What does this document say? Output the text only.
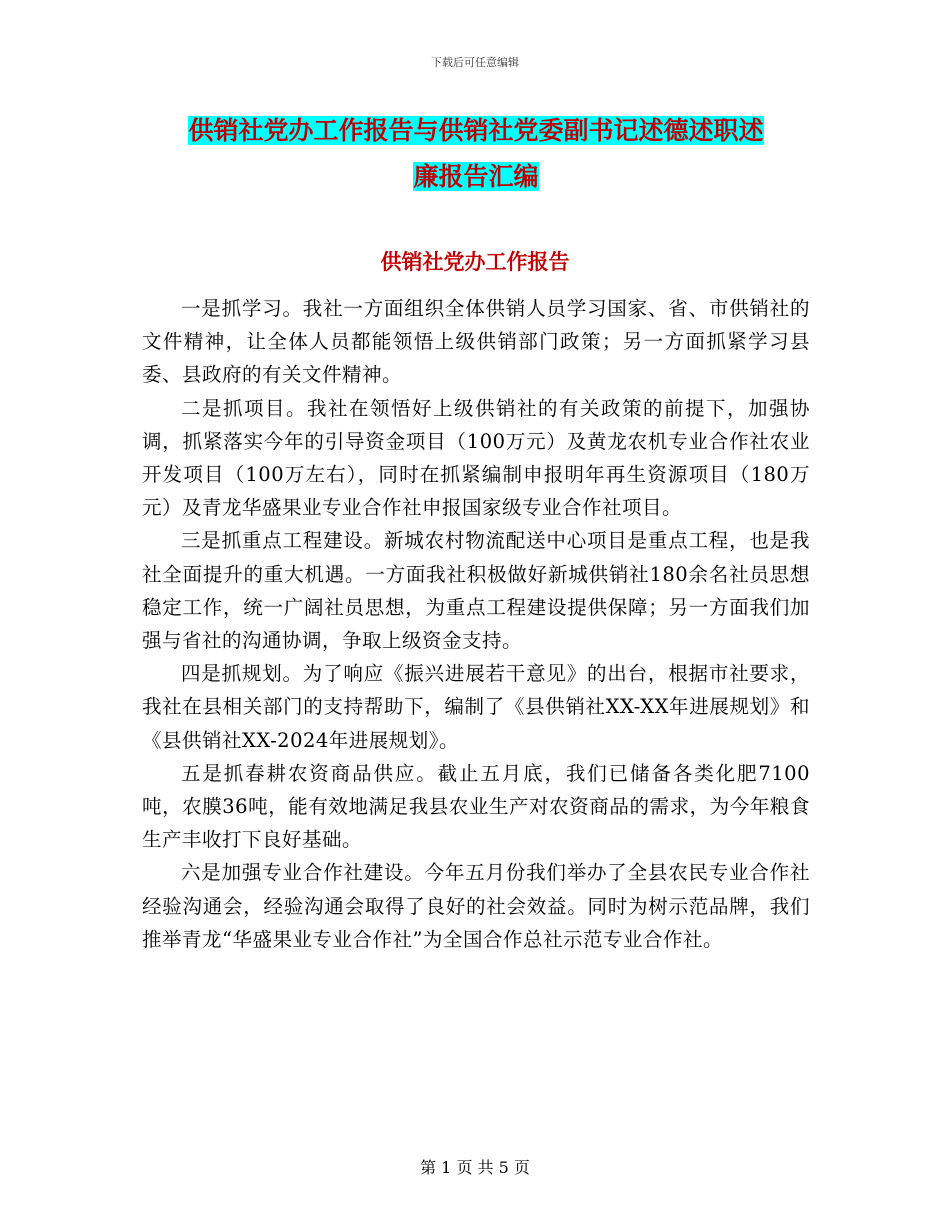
下载后可任意编辑
供销社党办工作报告与供销社党委副书记述德述职述
廉报告汇编
供销社党办工作报告

一是抓学习。我社一方面组织全体供销人员学习国家、省、市供销社的文件精神，让全体人员都能领悟上级供销部门政策；另一方面抓紧学习县委、县政府的有关文件精神。

二是抓项目。我社在领悟好上级供销社的有关政策的前提下，加强协调，抓紧落实今年的引导资金项目（100万元）及黄龙农机专业合作社农业开发项目（100万左右），同时在抓紧编制申报明年再生资源项目（180万元）及青龙华盛果业专业合作社申报国家级专业合作社项目。

三是抓重点工程建设。新城农村物流配送中心项目是重点工程，也是我社全面提升的重大机遇。一方面我社积极做好新城供销社180余名社员思想稳定工作，统一广阔社员思想，为重点工程建设提供保障；另一方面我们加强与省社的沟通协调，争取上级资金支持。

四是抓规划。为了响应《振兴进展若干意见》的出台，根据市社要求，我社在县相关部门的支持帮助下，编制了《县供销社XX-XX年进展规划》和《县供销社XX-2024年进展规划》。

五是抓春耕农资商品供应。截止五月底，我们已储备各类化肥7100吨，农膜36吨，能有效地满足我县农业生产对农资商品的需求，为今年粮食生产丰收打下良好基础。

六是加强专业合作社建设。今年五月份我们举办了全县农民专业合作社经验沟通会，经验沟通会取得了良好的社会效益。同时为树示范品牌，我们推举青龙“华盛果业专业合作社”为全国合作总社示范专业合作社。

第 1 页 共 5 页
